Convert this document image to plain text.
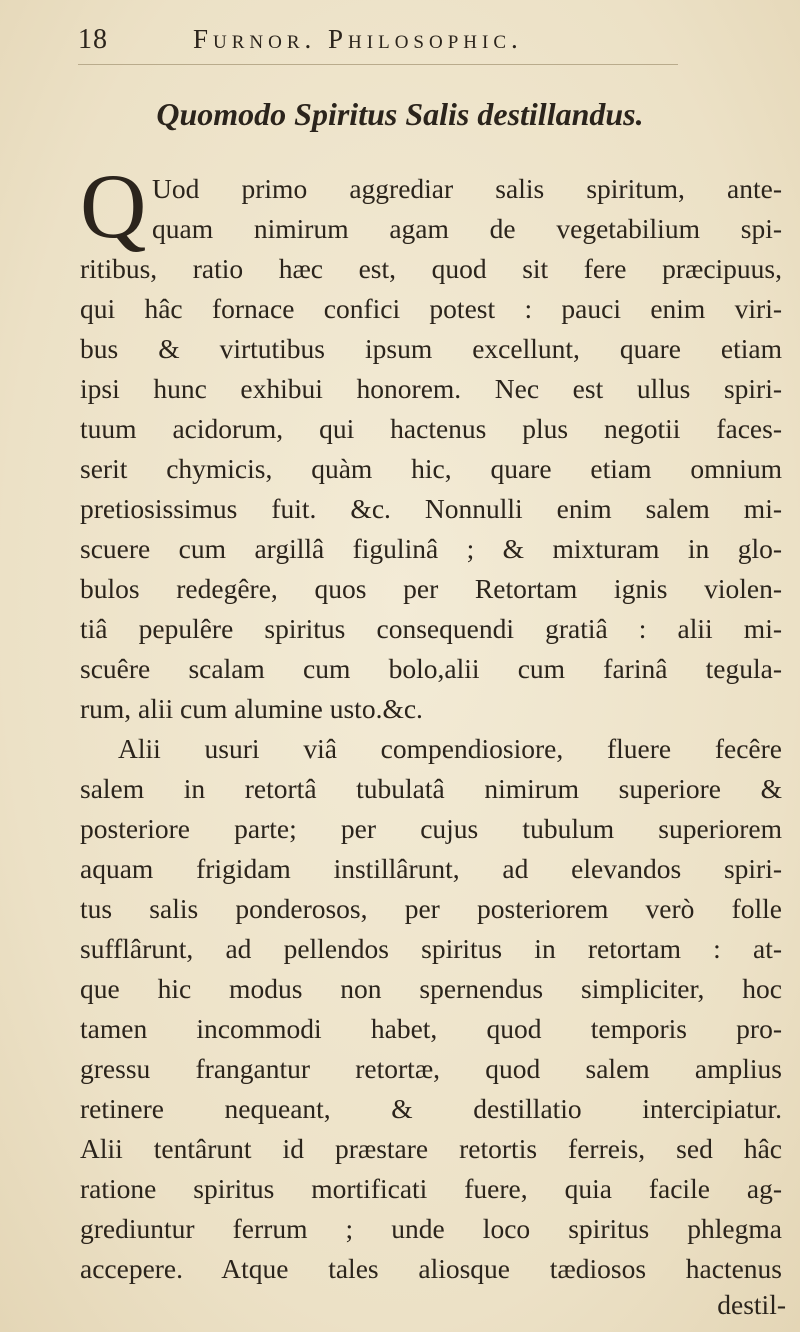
18	Furnor. Philosophic.
Quomodo Spiritus Salis destillandus.
Q Uod primo aggrediar salis spiritum, ante-
quam nimirum agam de vegetabilium spi-
ritibus, ratio hæc est, quod sit fere præcipuus,
qui hâc fornace confici potest : pauci enim viri-
bus & virtutibus ipsum excellunt, quare etiam
ipsi hunc exhibui honorem. Nec est ullus spiri-
tuum acidorum, qui hactenus plus negotii faces-
serit chymicis, quàm hic, quare etiam omnium
pretiosissimus fuit. &c. Nonnulli enim salem mi-
scuere cum argillâ figulinâ ; & mixturam in glo-
bulos redegêre, quos per Retortam ignis violen-
tiâ pepulêre spiritus consequendi gratiâ : alii mi-
scuêre scalam cum bolo,alii cum farinâ tegula-
rum, alii cum alumine usto.&c.
Alii usuri viâ compendiosiore, fluere fecêre
salem in retortâ tubulatâ nimirum superiore &
posteriore parte; per cujus tubulum superiorem
aquam frigidam instillârunt, ad elevandos spiri-
tus salis ponderosos, per posteriorem verò folle
sufflârunt, ad pellendos spiritus in retortam : at-
que hic modus non spernendus simpliciter, hoc
tamen incommodi habet, quod temporis pro-
gressu frangantur retortæ, quod salem amplius
retinere nequeant, & destillatio intercipiatur.
Alii tentârunt id præstare retortis ferreis, sed hâc
ratione spiritus mortificati fuere, quia facile ag-
grediuntur ferrum ; unde loco spiritus phlegma
accepere. Atque tales aliosque tædiosos hactenus
destil-
